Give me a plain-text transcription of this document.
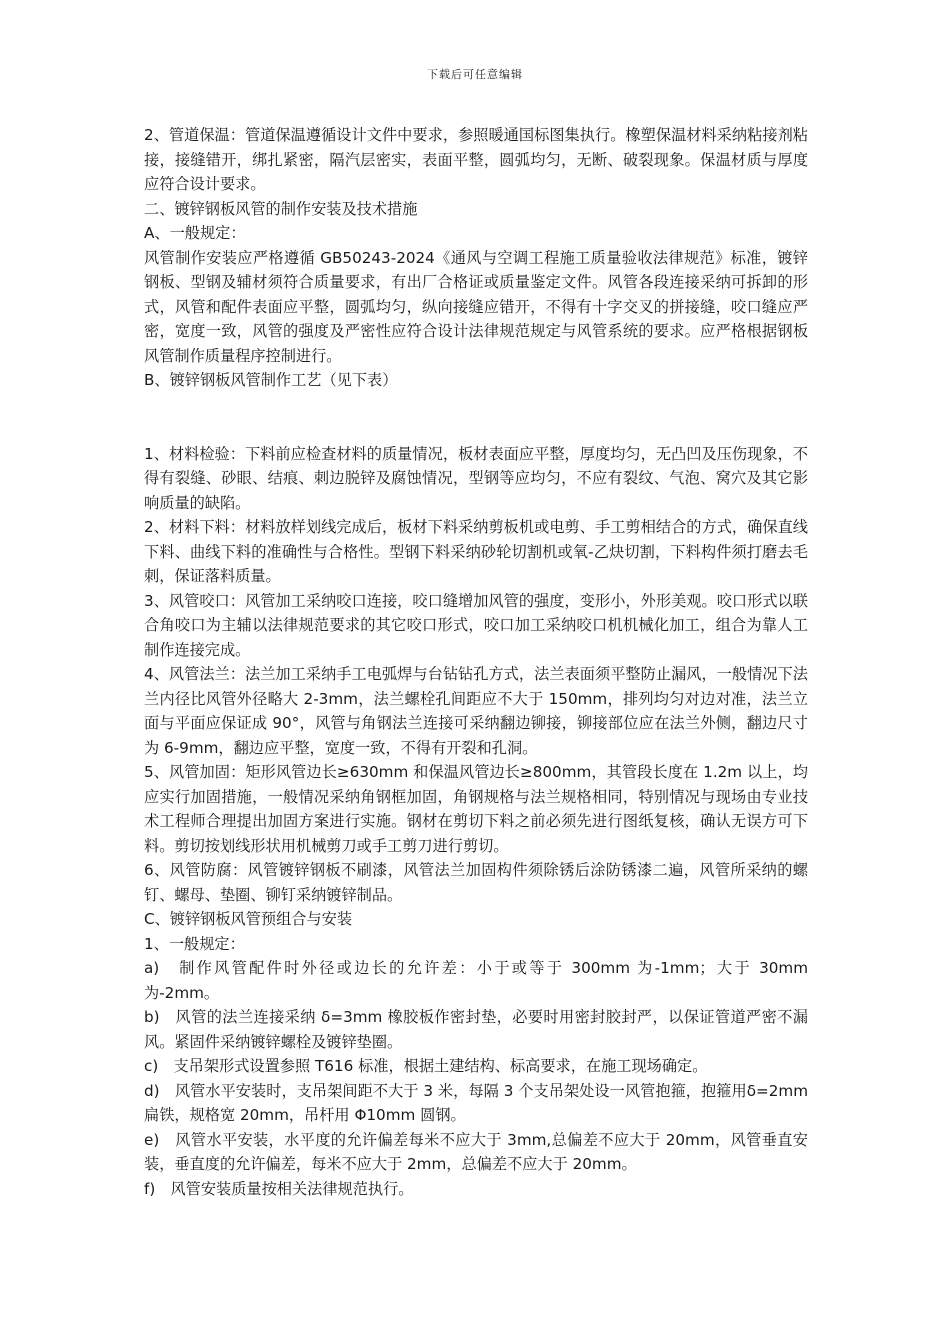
下载后可任意编辑

2、管道保温：管道保温遵循设计文件中要求，参照暖通国标图集执行。橡塑保温材料采纳粘接剂粘接，接缝错开，绑扎紧密，隔汽层密实，表面平整，圆弧均匀，无断、破裂现象。保温材质与厚度应符合设计要求。

二、镀锌钢板风管的制作安装及技术措施

A、一般规定：

风管制作安装应严格遵循 GB50243-2024《通风与空调工程施工质量验收法律规范》标准，镀锌钢板、型钢及辅材须符合质量要求，有出厂合格证或质量鉴定文件。风管各段连接采纳可拆卸的形式，风管和配件表面应平整，圆弧均匀，纵向接缝应错开，不得有十字交叉的拼接缝，咬口缝应严密，宽度一致，风管的强度及严密性应符合设计法律规范规定与风管系统的要求。应严格根据钢板风管制作质量程序控制进行。

B、镀锌钢板风管制作工艺（见下表）

1、材料检验：下料前应检查材料的质量情况，板材表面应平整，厚度均匀，无凸凹及压伤现象，不得有裂缝、砂眼、结痕、刺边脱锌及腐蚀情况，型钢等应均匀，不应有裂纹、气泡、窝穴及其它影响质量的缺陷。

2、材料下料：材料放样划线完成后，板材下料采纳剪板机或电剪、手工剪相结合的方式，确保直线下料、曲线下料的准确性与合格性。型钢下料采纳砂轮切割机或氧-乙炔切割，下料构件须打磨去毛刺，保证落料质量。

3、风管咬口：风管加工采纳咬口连接，咬口缝增加风管的强度，变形小，外形美观。咬口形式以联合角咬口为主辅以法律规范要求的其它咬口形式，咬口加工采纳咬口机机械化加工，组合为靠人工制作连接完成。

4、风管法兰：法兰加工采纳手工电弧焊与台钻钻孔方式，法兰表面须平整防止漏风，一般情况下法兰内径比风管外径略大 2-3mm，法兰螺栓孔间距应不大于 150mm，排列均匀对边对准，法兰立面与平面应保证成 90°，风管与角钢法兰连接可采纳翻边铆接，铆接部位应在法兰外侧，翻边尺寸为 6-9mm，翻边应平整，宽度一致，不得有开裂和孔洞。

5、风管加固：矩形风管边长≥630mm 和保温风管边长≥800mm，其管段长度在 1.2m 以上，均应实行加固措施，一般情况采纳角钢框加固，角钢规格与法兰规格相同，特别情况与现场由专业技术工程师合理提出加固方案进行实施。钢材在剪切下料之前必须先进行图纸复核，确认无误方可下料。剪切按划线形状用机械剪刀或手工剪刀进行剪切。

6、风管防腐：风管镀锌钢板不刷漆，风管法兰加固构件须除锈后涂防锈漆二遍，风管所采纳的螺钉、螺母、垫圈、铆钉采纳镀锌制品。

C、镀锌钢板风管预组合与安装

1、一般规定：

a)　制作风管配件时外径或边长的允许差：小于或等于 300mm 为-1mm；大于 30mm 为-2mm。

b)　风管的法兰连接采纳 δ=3mm 橡胶板作密封垫，必要时用密封胶封严，以保证管道严密不漏风。紧固件采纳镀锌螺栓及镀锌垫圈。

c)　支吊架形式设置参照 T616 标准，根据土建结构、标高要求，在施工现场确定。

d)　风管水平安装时，支吊架间距不大于 3 米，每隔 3 个支吊架处设一风管抱箍，抱箍用δ=2mm 扁铁，规格宽 20mm，吊杆用 Φ10mm 圆钢。

e)　风管水平安装，水平度的允许偏差每米不应大于 3mm,总偏差不应大于 20mm，风管垂直安装，垂直度的允许偏差，每米不应大于 2mm，总偏差不应大于 20mm。

f)　风管安装质量按相关法律规范执行。
